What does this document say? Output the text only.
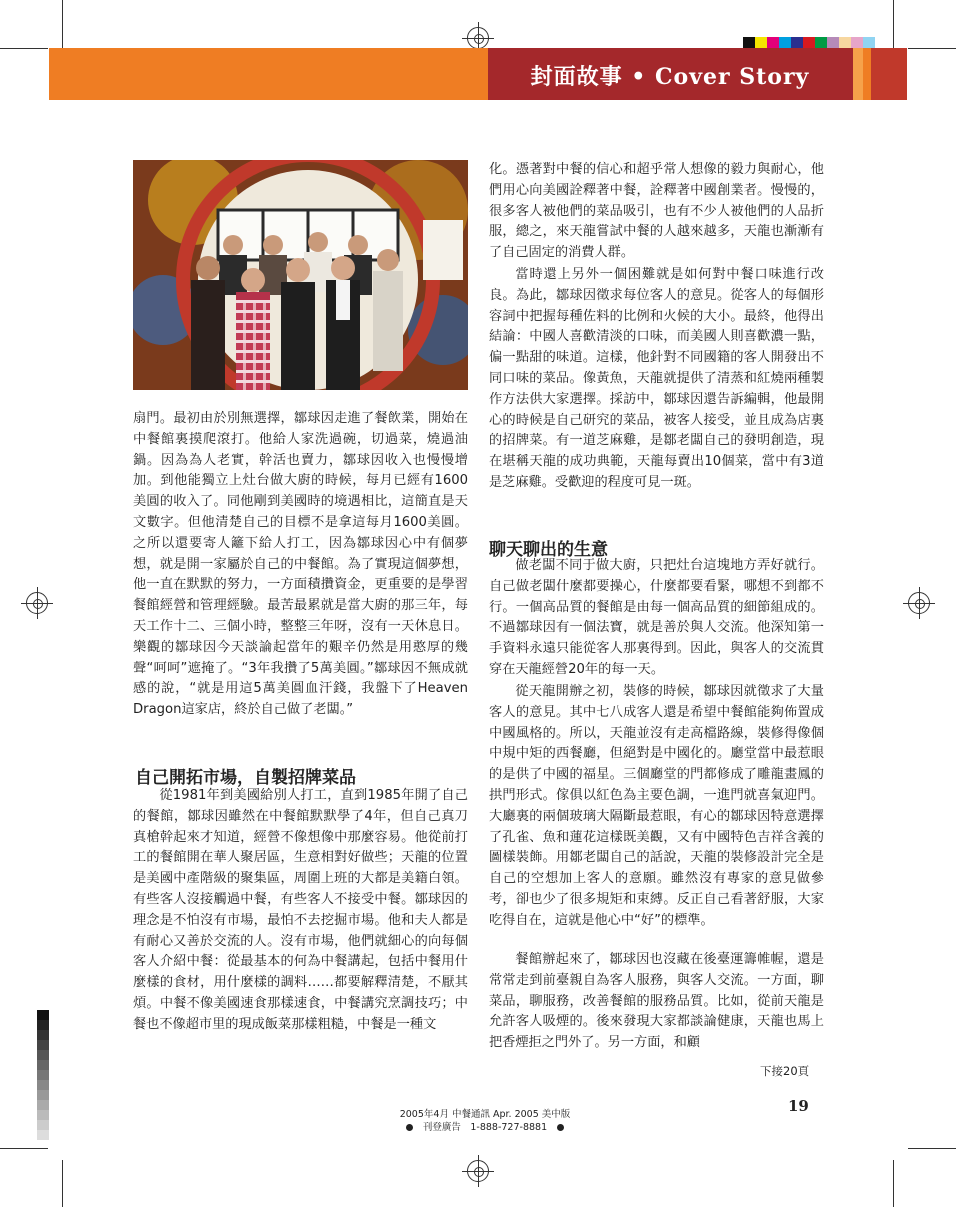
封面故事 • Cover Story
扇門。最初由於別無選擇，鄒球因走進了餐飲業，開始在中餐館裏摸爬滾打。他給人家洗過碗，切過菜，燒過油鍋。因為為人老實，幹活也賣力，鄒球因收入也慢慢增加。到他能獨立上灶台做大廚的時候，每月已經有1600美圓的收入了。同他剛到美國時的境遇相比，這簡直是天文數字。但他清楚自己的目標不是拿這每月1600美圓。之所以還要寄人籬下給人打工，因為鄒球因心中有個夢想，就是開一家屬於自己的中餐館。為了實現這個夢想，他一直在默默的努力，一方面積攢資金，更重要的是學習餐館經營和管理經驗。最苦最累就是當大廚的那三年，每天工作十二、三個小時，整整三年呀，沒有一天休息日。樂觀的鄒球因今天談論起當年的艱辛仍然是用憨厚的幾聲“呵呵”遮掩了。“3年我攢了5萬美圓。”鄒球因不無成就感的說，“就是用這5萬美圓血汗錢，我盤下了Heaven Dragon這家店，終於自己做了老闆。”
自己開拓市場，自製招牌菜品
從1981年到美國給別人打工，直到1985年開了自己的餐館，鄒球因雖然在中餐館默默學了4年，但自己真刀真槍幹起來才知道，經營不像想像中那麼容易。他從前打工的餐館開在華人聚居區，生意相對好做些；天龍的位置是美國中產階級的聚集區，周圍上班的大都是美籍白領。有些客人沒接觸過中餐，有些客人不接受中餐。鄒球因的理念是不怕沒有市場，最怕不去挖掘市場。他和夫人都是有耐心又善於交流的人。沒有市場，他們就細心的向每個客人介紹中餐：從最基本的何為中餐講起，包括中餐用什麼樣的食材，用什麼樣的調料……都要解釋清楚，不厭其煩。中餐不像美國速食那樣速食，中餐講究烹調技巧；中餐也不像超市里的現成飯菜那樣粗糙，中餐是一種文
化。憑著對中餐的信心和超乎常人想像的毅力與耐心，他們用心向美國詮釋著中餐，詮釋著中國創業者。慢慢的，很多客人被他們的菜品吸引，也有不少人被他們的人品折服，總之，來天龍嘗試中餐的人越來越多，天龍也漸漸有了自己固定的消費人群。
當時還上另外一個困難就是如何對中餐口味進行改良。為此，鄒球因徵求每位客人的意見。從客人的每個形容詞中把握每種佐料的比例和火候的大小。最終，他得出結論：中國人喜歡清淡的口味，而美國人則喜歡濃一點，偏一點甜的味道。這樣，他針對不同國籍的客人開發出不同口味的菜品。像黃魚，天龍就提供了清蒸和紅燒兩種製作方法供大家選擇。採訪中，鄒球因還告訴編輯，他最開心的時候是自己研究的菜品，被客人接受，並且成為店裏的招牌菜。有一道芝麻雞，是鄒老闆自己的發明創造，現在堪稱天龍的成功典範，天龍每賣出10個菜，當中有3道是芝麻雞。受歡迎的程度可見一斑。
聊天聊出的生意
做老闆不同于做大廚，只把灶台這塊地方弄好就行。自己做老闆什麼都要操心，什麼都要看緊，哪想不到都不行。一個高品質的餐館是由每一個高品質的細節組成的。不過鄒球因有一個法寶，就是善於與人交流。他深知第一手資料永遠只能從客人那裏得到。因此，與客人的交流貫穿在天龍經營20年的每一天。
從天龍開辦之初，裝修的時候，鄒球因就徵求了大量客人的意見。其中七八成客人還是希望中餐館能夠佈置成中國風格的。所以，天龍並沒有走高檔路線，裝修得像個中規中矩的西餐廳，但絕對是中國化的。廳堂當中最惹眼的是供了中國的福星。三個廳堂的門都修成了雕龍畫鳳的拱門形式。傢俱以紅色為主要色調，一進門就喜氣迎門。大廳裏的兩個玻璃大隔斷最惹眼，有心的鄒球因特意選擇了孔雀、魚和蓮花這樣既美觀，又有中國特色吉祥含義的圖樣裝飾。用鄒老闆自己的話說，天龍的裝修設計完全是自己的空想加上客人的意願。雖然沒有專家的意見做參考，卻也少了很多規矩和束縛。反正自己看著舒服，大家吃得自在，這就是他心中“好”的標準。
餐館辦起來了，鄒球因也沒藏在後臺運籌帷幄，還是常常走到前臺親自為客人服務，與客人交流。一方面，聊菜品，聊服務，改善餐館的服務品質。比如，從前天龍是允許客人吸煙的。後來發現大家都談論健康，天龍也馬上把香煙拒之門外了。另一方面，和顧
下接20頁
19
2005年4月 中餐通訊 Apr. 2005 美中版
刊登廣告　1-888-727-8881
